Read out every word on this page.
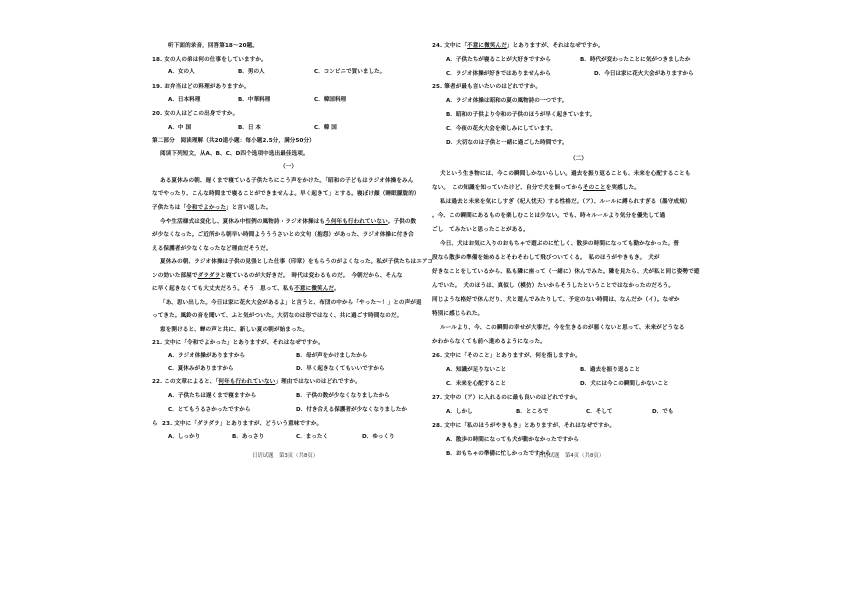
听下面的录音，回答第18～20题。
18. 女の人の弟は何の仕事をしていますか。
A．女の人	B．男の人	C．コンビニで買いました。
19. お弁当はどの料理がありますか。
A．日本料理	B．中華料理	C．韓国料理
20. 女の人はどこの出身ですか。
A．中 国	B．日 本	C．韓 国
第二部分　阅读理解（共20道小题：每小题2.5分，满分50分）
阅读下列短文，从A、B、C、D四个选项中选出最佳选项。
（一）
ある夏休みの朝、遅くまで寝ている子供たちにこう声をかけた。「昭和の子どもはラジオ体操をみん
なでやったり、こんな時間まで寝ることができませんよ。早く起きて」とする。寝ぼけ顔（睡眠朦胧的）
子供たちは「令和でよかった」と言い返した。
今や生活様式は変化し、夏休み中恒例の風物詩・ラジオ体操はもう何年も行われていない。子供の数
が少なくなった。ご近所から朝早い時間ようううさいとの文句（抱怨）があった、ラジオ体操に付き合
える保護者が少なくなったなど理由だそうだ。
夏休みの朝、ラジオ体操は子供の見張とした仕事（印章）をもらうのがよくなった。私が子供たちはエアコ
ンの効いた部屋でダラダラと寝ているのが大好きだ。　時代は変わるものだ。　今朝だから、そんな
に早く起きなくても大丈夫だろう。そう　思って、私も不意に微笑んだ。
「あ、思い出した。今日は家に花火大会があるよ」と言うと、布団の中から「やった〜！」との声が返
ってきた。風鈴の音を聞いて、ふと気がついた。大切なのは形ではなく、共に過ごす時間なのだ。
窓を開けると、蝉の声と共に、新しい夏の朝が始まった。
21. 文中に「令和でよかった」とありますが、それはなぜですか。
A．ラジオ体操がありますから	B．母が声をかけましたから
C．夏休みがありますから	D．早く起きなくてもいいですから
22. この文章によると、「何年も行われていない」理由ではないのはどれですか。
A．子供たちは遅くまで寝ますから	B．子供の数が少なくなりましたから
C．とてもうるさかったですから	D．付き合える保護者が少なくなりましたか
ら 23. 文中に「ダラダラ」とありますが、どういう意味ですか。
A．しっかり	B．あっさり	C．まったく	D．ゆっくり
日语试题　第3页（共8页）
24. 文中に「不意に微笑んだ」とありますが、それはなぜですか。
A．子供たちが寝ることが大好きですから	B．時代が変わったことに気がつきましたか
C．ラジオ体操が好きではありませんから	D．今日は家に花火大会がありますから
25. 筆者が最も言いたいのはどれですか。
A．ラジオ体操は昭和の夏の風物詩の一つです。
B．昭和の子供より令和の子供のほうが早く起きています。
C．今夜の花火大会を楽しみにしています。
D．大切なのは子供と一緒に過ごした時間です。
（二）
犬という生き物には、今この瞬間しかないらしい。過去を振り返ることも、未来を心配することも
ない。　この知識を知っていたけど、自分で犬を飼ってからそのことを実感した。
私は過去と未来を気にしすぎ（杞人忧天）する性格だ。（ア）、ルールに縛られすぎる（墨守成規）
。今、この瞬間にあるものを楽しむことは少ない。でも、時々ルールより気分を優先して過
ごし　てみたいと思ったことがある。
今日、犬はお気に入りのおもちゃで遊ぶのに忙しく、散歩の時間になっても動かなかった。普
段なら散歩の準備を始めるとそわそわして飛びついてくる。　私のほうがやきもき。　犬が
好きなことをしているから、私も隣に座って（一緒に）休んでみた。隣を見たら、犬が私と同じ姿勢で遊
んでいた。　犬のほうは、真似し（模仿）たいからそうしたということではなかったのだろう。
同じような格好で休んだり、犬と遊んでみたりして、予定のない時間は、なんだか（イ）。なぜか
特別に感じられた。
ルールより、今、この瞬間の幸せが大事だ。今を生きるのが悪くないと思って、未来がどうなる
かわからなくても前へ進めるようになった。
26. 文中に「そのこと」とありますが、何を指しますか。
A．知識が足りないこと	B．過去を振り返ること
C．未来を心配すること	D．犬には今この瞬間しかないこと
27. 文中の（ア）に入れるのに最も良いのはどれですか。
A．しかし	B．ところで	C．そして	D．でも
28. 文中に「私のほうがやきもき」とありますが、それはなぜですか。
A．散歩の時間になっても犬が動かなかったですから
B．おもちゃの準備に忙しかったですから
日语试题　第4页（共8页）
